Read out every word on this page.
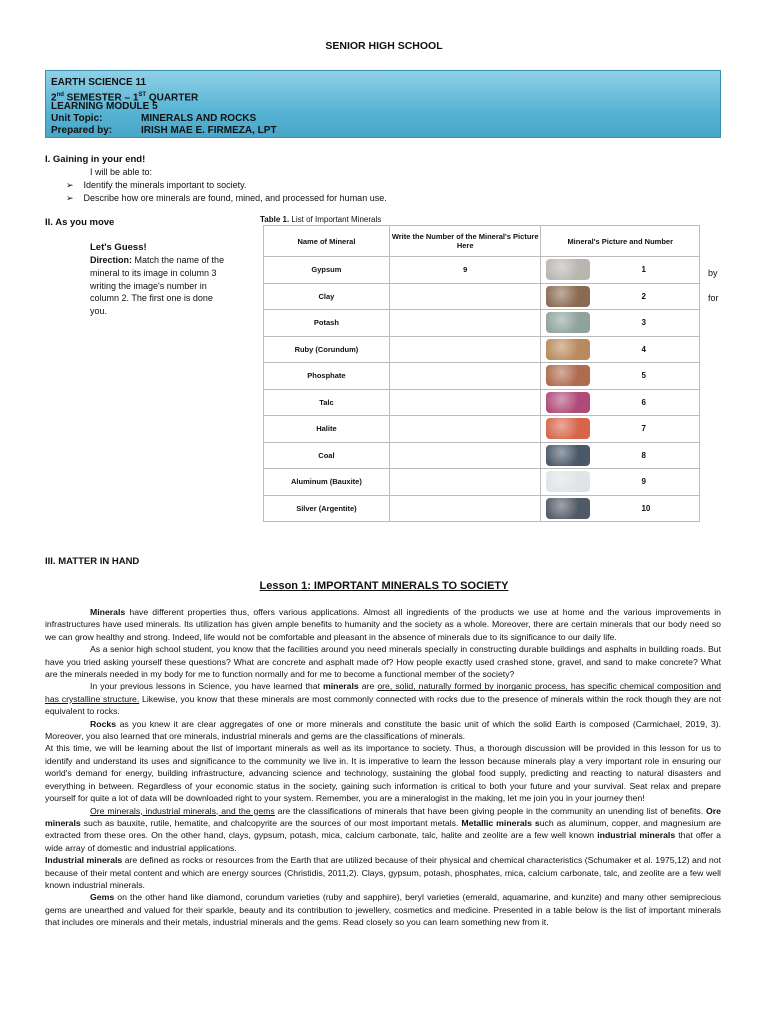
SENIOR HIGH SCHOOL
EARTH SCIENCE 11
2nd SEMESTER – 1ST QUARTER
LEARNING MODULE 5
Unit Topic:	MINERALS AND ROCKS
Prepared by:	IRISH MAE E. FIRMEZA, LPT
I. Gaining in your end!
I will be able to:
➢ Identify the minerals important to society.
➢ Describe how ore minerals are found, mined, and processed for human use.
II. As you move
Let's Guess!
Direction: Match the name of the
mineral to its image in column 3
writing the image's number in
column 2. The first one is done
you.
by
for
Table 1. List of Important Minerals
Name of Mineral	Write the Number of the Mineral's Picture Here	Mineral's Picture and Number
Gypsum	9	1

Clay		2

Potash		3

Ruby (Corundum)		4

Phosphate		5

Talc		6

Halite		7

Coal		8

Aluminum (Bauxite)		9

Silver (Argentite)		10
III. MATTER IN HAND
Lesson 1: IMPORTANT MINERALS TO SOCIETY

Minerals have different properties thus, offers various applications. Almost all ingredients of the products we use at home and the various improvements in infrastructures have used minerals. Its utilization has given ample benefits to humanity and the society as a whole. Moreover, there are certain minerals that our body need so we can grow healthy and strong. Indeed, life would not be comfortable and pleasant in the absence of minerals due to its significance to our daily life.

As a senior high school student, you know that the facilities around you need minerals specially in constructing durable buildings and asphalts in building roads. But have you tried asking yourself these questions? What are concrete and asphalt made of? How people exactly used crashed stone, gravel, and sand to make concrete? What are the minerals needed in my body for me to function normally and for me to become a functional member of the society?

In your previous lessons in Science, you have learned that minerals are ore, solid, naturally formed by inorganic process, has specific chemical composition and has crystalline structure. Likewise, you know that these minerals are most commonly connected with rocks due to the presence of minerals within the rock though they are not equivalent to rocks.

Rocks as you knew it are clear aggregates of one or more minerals and constitute the basic unit of which the solid Earth is composed (Carmichael, 2019, 3). Moreover, you also learned that ore minerals, industrial minerals and gems are the classifications of minerals.

At this time, we will be learning about the list of important minerals as well as its importance to society. Thus, a thorough discussion will be provided in this lesson for us to identify and understand its uses and significance to the community we live in. It is imperative to learn the lesson because minerals play a very important role in ensuring our world's demand for energy, building infrastructure, advancing science and technology, sustaining the global food supply, predicting and reacting to natural disasters and everything in between. Regardless of your economic status in the society, gaining such information is critical to both your future and your survival. Seat relax and prepare yourself for quite a lot of data will be downloaded right to your system. Remember, you are a mineralogist in the making, let me join you in your journey then!

Ore minerals, industrial minerals, and the gems are the classifications of minerals that have been giving people in the community an unending list of benefits. Ore minerals such as bauxite, rutile, hematite, and chalcopyrite are the sources of our most important metals. Metallic minerals such as aluminum, copper, and magnesium are extracted from these ores. On the other hand, clays, gypsum, potash, mica, calcium carbonate, talc, halite and zeolite are a few well known industrial minerals that offer a wide array of domestic and industrial applications.

Industrial minerals are defined as rocks or resources from the Earth that are utilized because of their physical and chemical characteristics (Schumaker et al. 1975,12) and not because of their metal content and which are energy sources (Christidis, 2011,2). Clays, gypsum, potash, phosphates, mica, calcium carbonate, talc, and zeolite are a few well known industrial minerals.

Gems on the other hand like diamond, corundum varieties (ruby and sapphire), beryl varieties (emerald, aquamarine, and kunzite) and many other semiprecious gems are unearthed and valued for their sparkle, beauty and its contribution to jewellery, cosmetics and medicine. Presented in a table below is the list of important minerals that includes ore minerals and their metals, industrial minerals and the gems. Read closely so you can learn something new from it.
